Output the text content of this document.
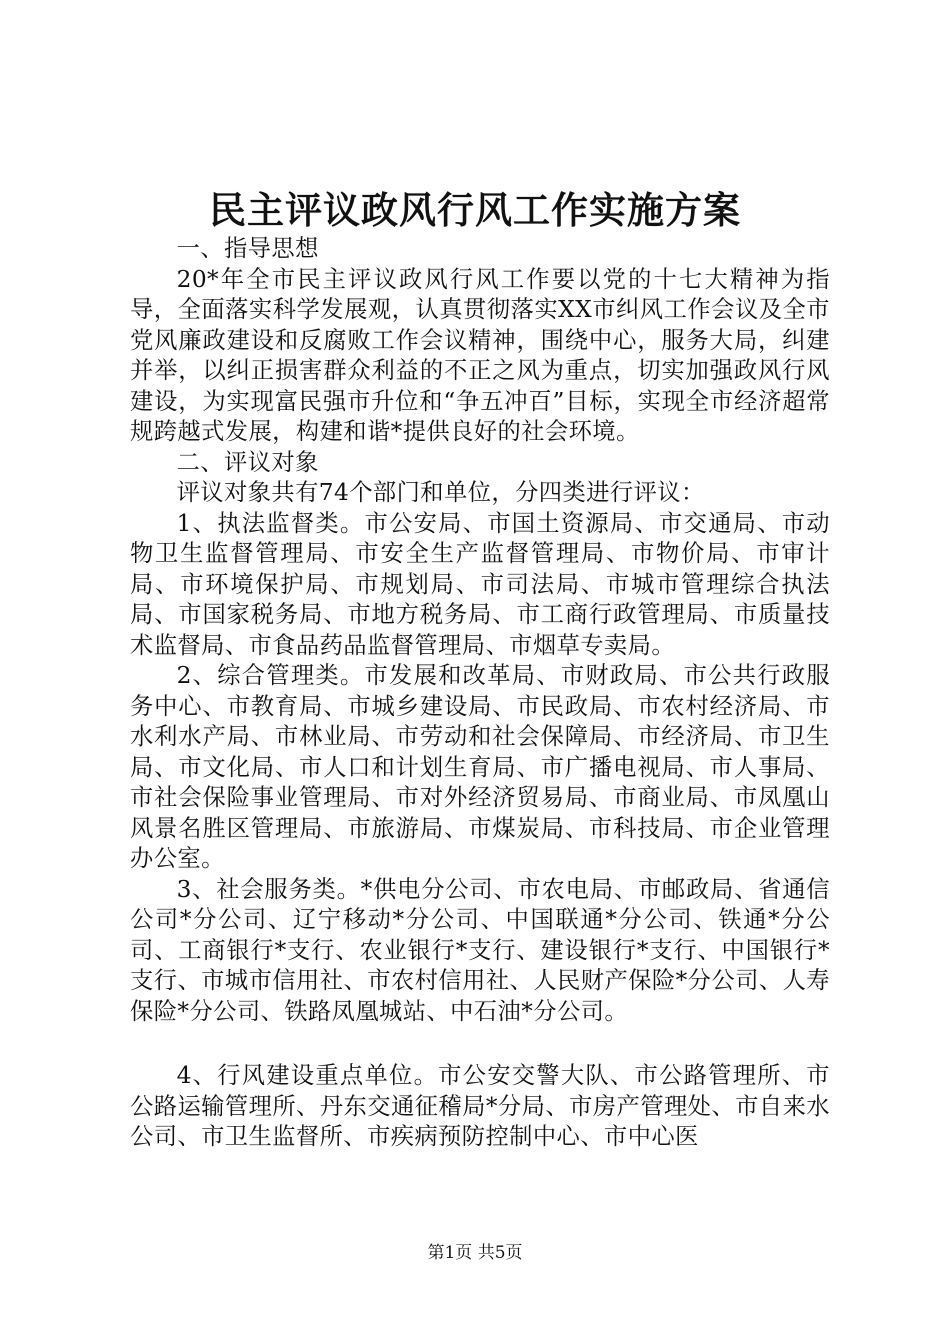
民主评议政风行风工作实施方案

一、指导思想

20*年全市民主评议政风行风工作要以党的十七大精神为指导，全面落实科学发展观，认真贯彻落实XX市纠风工作会议及全市党风廉政建设和反腐败工作会议精神，围绕中心，服务大局，纠建并举，以纠正损害群众利益的不正之风为重点，切实加强政风行风建设，为实现富民强市升位和“争五冲百”目标，实现全市经济超常规跨越式发展，构建和谐*提供良好的社会环境。

二、评议对象

评议对象共有74个部门和单位，分四类进行评议：

1、执法监督类。市公安局、市国土资源局、市交通局、市动物卫生监督管理局、市安全生产监督管理局、市物价局、市审计局、市环境保护局、市规划局、市司法局、市城市管理综合执法局、市国家税务局、市地方税务局、市工商行政管理局、市质量技术监督局、市食品药品监督管理局、市烟草专卖局。

2、综合管理类。市发展和改革局、市财政局、市公共行政服务中心、市教育局、市城乡建设局、市民政局、市农村经济局、市水利水产局、市林业局、市劳动和社会保障局、市经济局、市卫生局、市文化局、市人口和计划生育局、市广播电视局、市人事局、市社会保险事业管理局、市对外经济贸易局、市商业局、市凤凰山风景名胜区管理局、市旅游局、市煤炭局、市科技局、市企业管理办公室。

3、社会服务类。*供电分公司、市农电局、市邮政局、省通信公司*分公司、辽宁移动*分公司、中国联通*分公司、铁通*分公司、工商银行*支行、农业银行*支行、建设银行*支行、中国银行*支行、市城市信用社、市农村信用社、人民财产保险*分公司、人寿保险*分公司、铁路凤凰城站、中石油*分公司。

4、行风建设重点单位。市公安交警大队、市公路管理所、市公路运输管理所、丹东交通征稽局*分局、市房产管理处、市自来水公司、市卫生监督所、市疾病预防控制中心、市中心医

第1页 共5页
